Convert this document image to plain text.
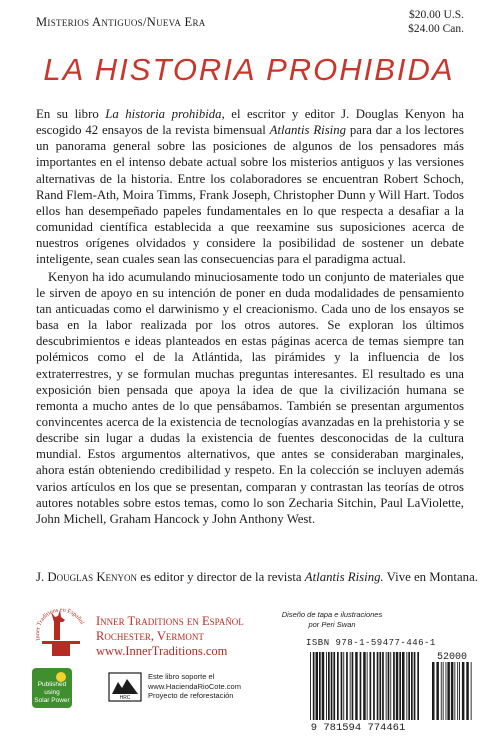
Misterios Antiguos/Nueva Era	$20.00 U.S.
$24.00 Can.
LA HISTORIA PROHIBIDA

En su libro La historia prohibida, el escritor y editor J. Douglas Kenyon ha escogido 42 ensayos de la revista bimensual Atlantis Rising para dar a los lectores un panorama general sobre las posiciones de algunos de los pensadores más importantes en el intenso debate actual sobre los misterios antiguos y las versiones alternativas de la historia. Entre los colaboradores se encuentran Robert Schoch, Rand Flem-Ath, Moira Timms, Frank Joseph, Christopher Dunn y Will Hart. Todos ellos han desempeñado papeles fundamentales en lo que respecta a desafiar a la comunidad científica establecida a que reexamine sus suposiciones acerca de nuestros orígenes olvidados y considere la posibilidad de sostener un debate inteligente, sean cuales sean las consecuencias para el paradigma actual.

Kenyon ha ido acumulando minuciosamente todo un conjunto de materiales que le sirven de apoyo en su intención de poner en duda modalidades de pensamiento tan anticuadas como el darwinismo y el creacionismo. Cada uno de los ensayos se basa en la labor realizada por los otros autores. Se exploran los últimos descubrimientos e ideas planteados en estas páginas acerca de temas siempre tan polémicos como el de la Atlántida, las pirámides y la influencia de los extraterrestres, y se formulan muchas preguntas interesantes. El resultado es una exposición bien pensada que apoya la idea de que la civilización humana se remonta a mucho antes de lo que pensábamos. También se presentan argumentos convincentes acerca de la existencia de tecnologías avanzadas en la prehistoria y se describe sin lugar a dudas la existencia de fuentes desconocidas de la cultura mundial. Estos argumentos alternativos, que antes se consideraban marginales, ahora están obteniendo credibilidad y respeto. En la colección se incluyen además varios artículos en los que se presentan, comparan y contrastan las teorías de otros autores notables sobre estos temas, como lo son Zecharia Sitchin, Paul LaViolette, John Michell, Graham Hancock y John Anthony West.

J. Douglas Kenyon es editor y director de la revista Atlantis Rising. Vive en Montana.
Inner Traditions en Español Inner Traditions en Español
Rochester, Vermont
www.InnerTraditions.com
Diseño de tapa e ilustraciones
por Peri Swan
Published
using
Solar Power	HRC
Este libro soporte el
www.HaciendaRioCote.com
Proyecto de reforestación
ISBN 978-1-59477-446-1
9 781594 774461
52000
